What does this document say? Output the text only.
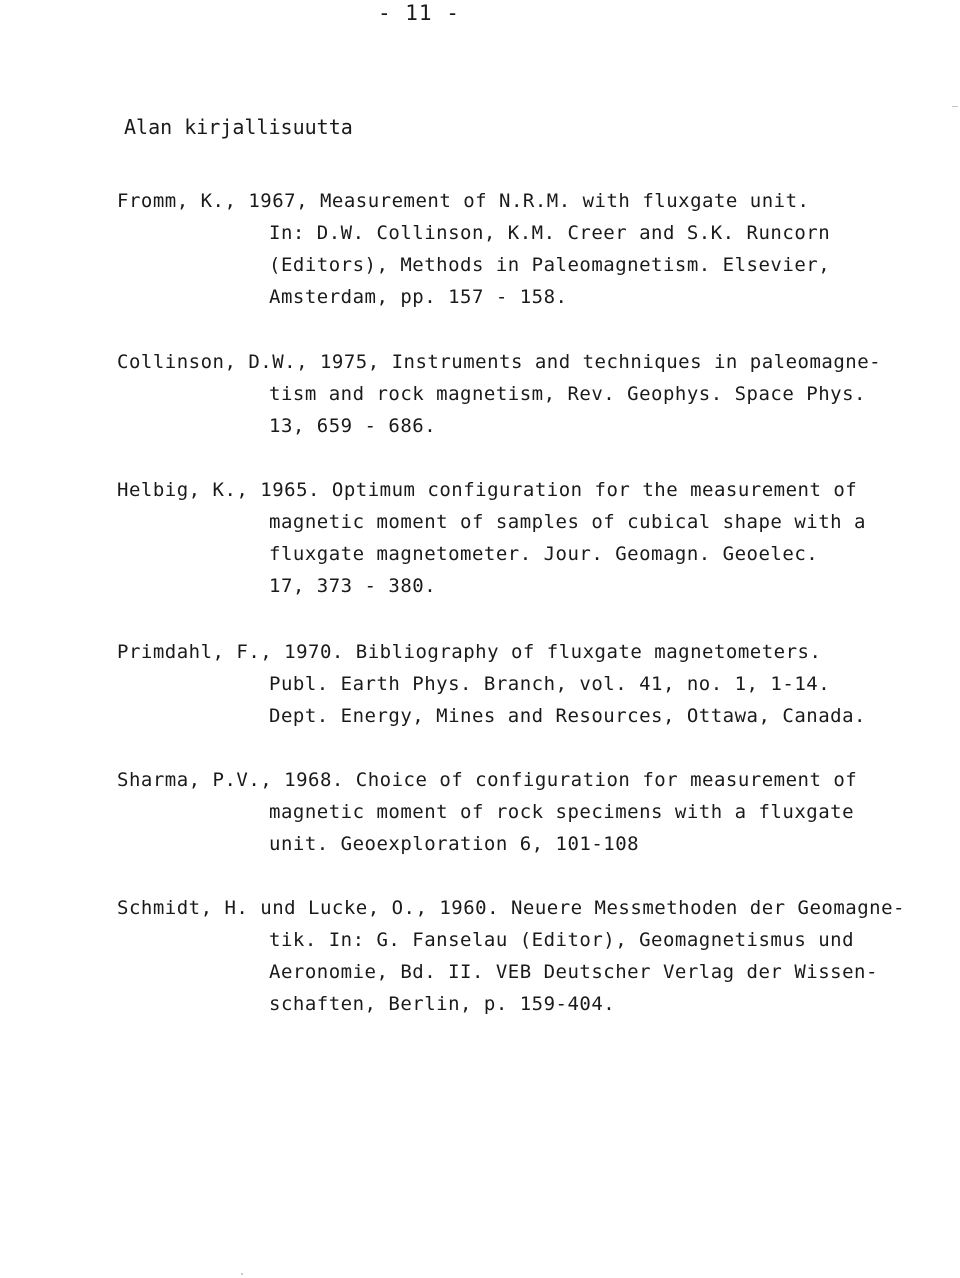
- 11 -
Alan kirjallisuutta
Fromm, K., 1967, Measurement of N.R.M. with fluxgate unit.
In: D.W. Collinson, K.M. Creer and S.K. Runcorn
(Editors), Methods in Paleomagnetism. Elsevier,
Amsterdam, pp. 157 - 158.
Collinson, D.W., 1975, Instruments and techniques in paleomagne-
tism and rock magnetism, Rev. Geophys. Space Phys.
13, 659 - 686.
Helbig, K., 1965. Optimum configuration for the measurement of
magnetic moment of samples of cubical shape with a
fluxgate magnetometer. Jour. Geomagn. Geoelec.
17, 373 - 380.
Primdahl, F., 1970. Bibliography of fluxgate magnetometers.
Publ. Earth Phys. Branch, vol. 41, no. 1, 1-14.
Dept. Energy, Mines and Resources, Ottawa, Canada.
Sharma, P.V., 1968. Choice of configuration for measurement of
magnetic moment of rock specimens with a fluxgate
unit. Geoexploration 6, 101-108
Schmidt, H. und Lucke, O., 1960. Neuere Messmethoden der Geomagne-
tik. In: G. Fanselau (Editor), Geomagnetismus und
Aeronomie, Bd. II. VEB Deutscher Verlag der Wissen-
schaften, Berlin, p. 159-404.
